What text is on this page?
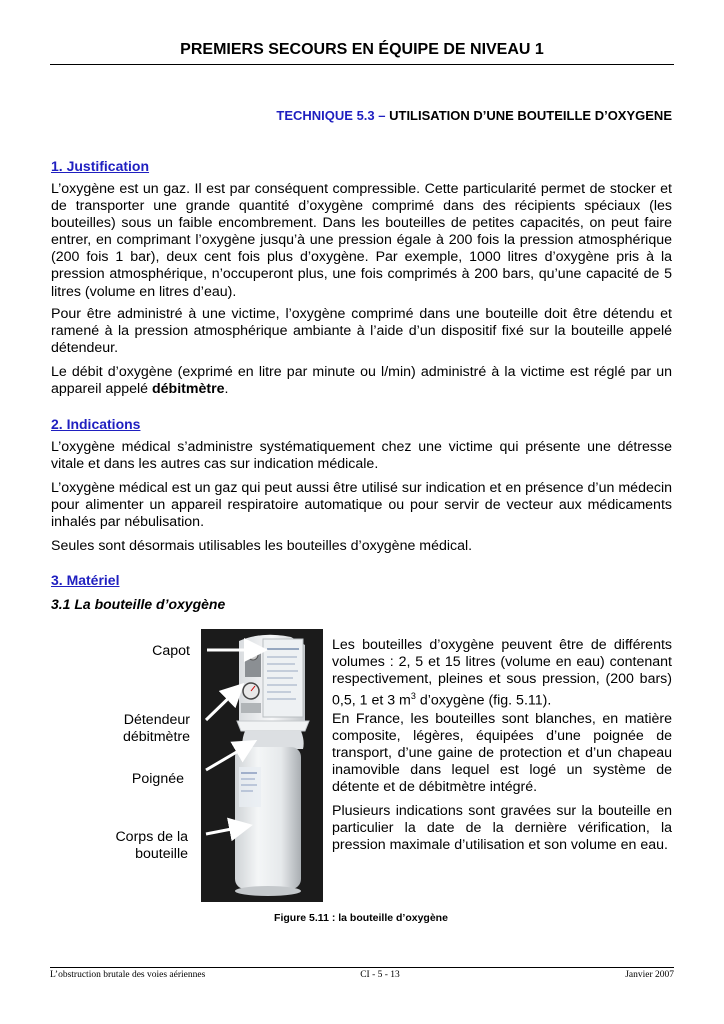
PREMIERS SECOURS EN ÉQUIPE DE NIVEAU 1
TECHNIQUE 5.3 – UTILISATION D’UNE BOUTEILLE D’OXYGENE
1. Justification
L’oxygène est un gaz. Il est par conséquent compressible. Cette particularité permet de stocker et de transporter une grande quantité d’oxygène comprimé dans des récipients spéciaux (les bouteilles) sous un faible encombrement. Dans les bouteilles de petites capacités, on peut faire entrer, en comprimant l’oxygène jusqu’à une pression égale à 200 fois la pression atmosphérique (200 fois 1 bar), deux cent fois plus d’oxygène. Par exemple, 1000 litres d’oxygène pris à la pression atmosphérique, n’occuperont plus, une fois comprimés à 200 bars, qu’une capacité de 5 litres (volume en litres d’eau).
Pour être administré à une victime, l’oxygène comprimé dans une bouteille doit être détendu et ramené à la pression atmosphérique ambiante à l’aide d’un dispositif fixé sur la bouteille appelé détendeur.
Le débit d’oxygène (exprimé en litre par minute ou l/min) administré à la victime est réglé par un appareil appelé débitmètre.
2. Indications
L’oxygène médical s’administre systématiquement chez une victime qui présente une détresse vitale et dans les autres cas sur indication médicale.
L’oxygène médical est un gaz qui peut aussi être utilisé sur indication et en présence d’un médecin pour alimenter un appareil respiratoire automatique ou pour servir de vecteur aux médicaments inhalés par nébulisation.
Seules sont désormais utilisables les bouteilles d’oxygène médical.
3. Matériel
3.1 La bouteille d’oxygène
Capot
Détendeur
débitmètre
Poignée
Corps de la
bouteille
Les bouteilles d’oxygène peuvent être de différents volumes : 2, 5 et 15 litres (volume en eau) contenant respectivement, pleines et sous pression, (200 bars) 0,5, 1 et 3 $m^3$ d’oxygène (fig. 5.11).
En France, les bouteilles sont blanches, en matière composite, légères, équipées d’une poignée de transport, d’une gaine de protection et d’un chapeau inamovible dans lequel est logé un système de détente et de débitmètre intégré.
Plusieurs indications sont gravées sur la bouteille en particulier la date de la dernière vérification, la pression maximale d’utilisation et son volume en eau.
Figure 5.11 : la bouteille d’oxygène
L’obstruction brutale des voies aériennes	CI - 5 - 13	Janvier 2007
